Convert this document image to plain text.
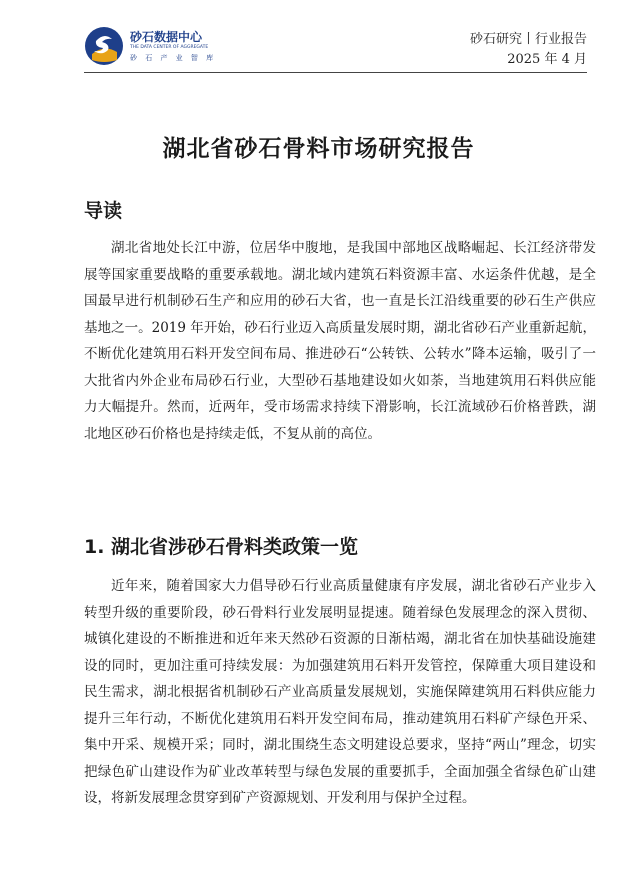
砂石数据中心
THE DATA CENTER OF AGGREGATE
砂 石 产 业 智 库
砂石研究丨行业报告
2025 年 4 月
湖北省砂石骨料市场研究报告
导读

湖北省地处长江中游，位居华中腹地，是我国中部地区战略崛起、长江经济带发展等国家重要战略的重要承载地。湖北域内建筑石料资源丰富、水运条件优越，是全国最早进行机制砂石生产和应用的砂石大省，也一直是长江沿线重要的砂石生产供应基地之一。2019 年开始，砂石行业迈入高质量发展时期，湖北省砂石产业重新起航，不断优化建筑用石料开发空间布局、推进砂石“公转铁、公转水”降本运输，吸引了一大批省内外企业布局砂石行业，大型砂石基地建设如火如荼，当地建筑用石料供应能力大幅提升。然而，近两年，受市场需求持续下滑影响，长江流域砂石价格普跌，湖北地区砂石价格也是持续走低，不复从前的高位。

1. 湖北省涉砂石骨料类政策一览

近年来，随着国家大力倡导砂石行业高质量健康有序发展，湖北省砂石产业步入转型升级的重要阶段，砂石骨料行业发展明显提速。随着绿色发展理念的深入贯彻、城镇化建设的不断推进和近年来天然砂石资源的日渐枯竭，湖北省在加快基础设施建设的同时，更加注重可持续发展：为加强建筑用石料开发管控，保障重大项目建设和民生需求，湖北根据省机制砂石产业高质量发展规划，实施保障建筑用石料供应能力提升三年行动，不断优化建筑用石料开发空间布局，推动建筑用石料矿产绿色开采、集中开采、规模开采；同时，湖北围绕生态文明建设总要求，坚持“两山”理念，切实把绿色矿山建设作为矿业改革转型与绿色发展的重要抓手，全面加强全省绿色矿山建设，将新发展理念贯穿到矿产资源规划、开发利用与保护全过程。
